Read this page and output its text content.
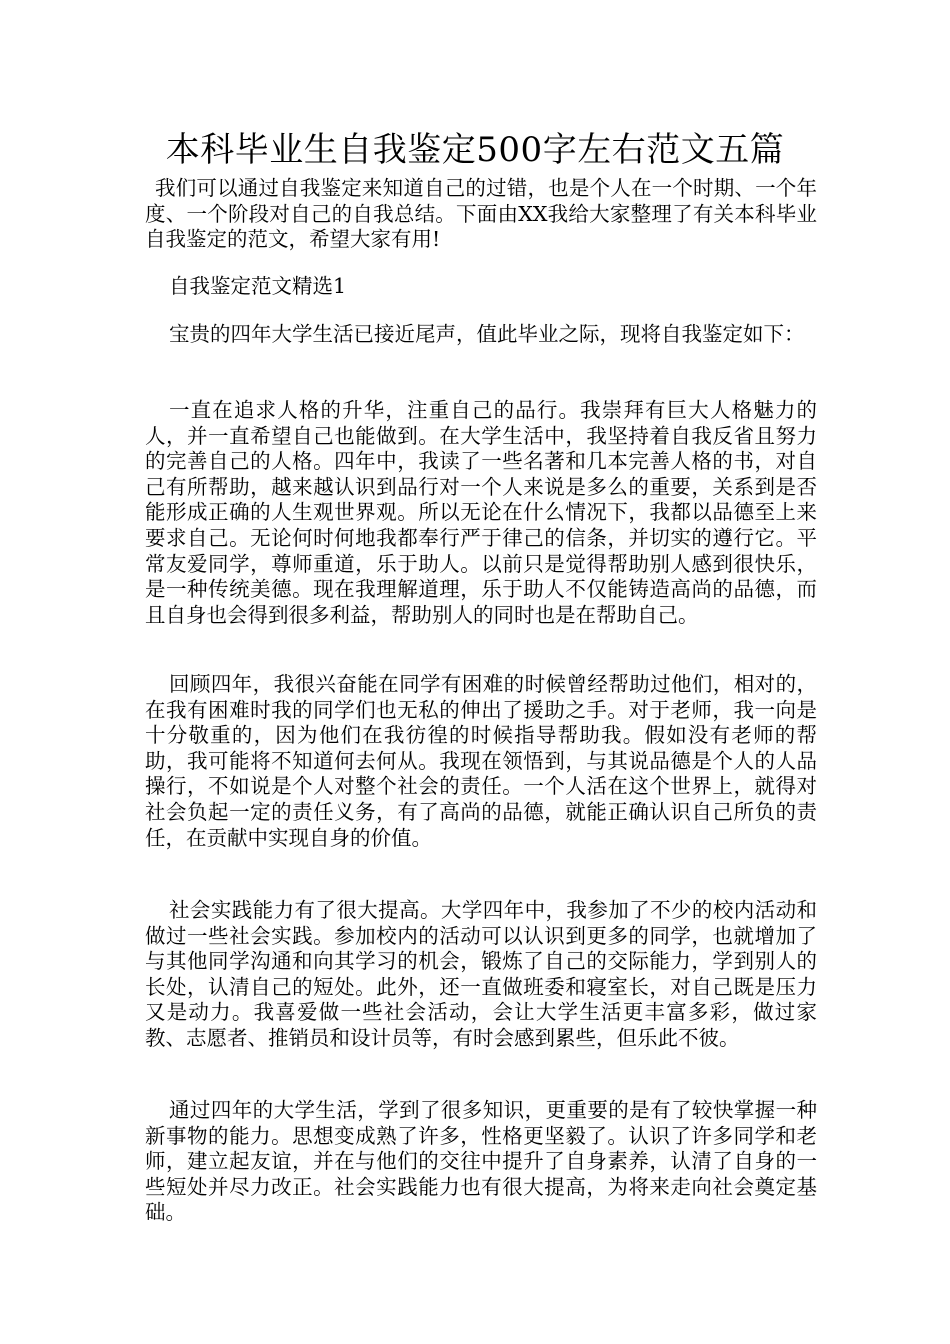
本科毕业生自我鉴定500字左右范文五篇

我们可以通过自我鉴定来知道自己的过错，也是个人在一个时期、一个年度、一个阶段对自己的自我总结。下面由XX我给大家整理了有关本科毕业自我鉴定的范文，希望大家有用!

自我鉴定范文精选1

宝贵的四年大学生活已接近尾声，值此毕业之际，现将自我鉴定如下：

一直在追求人格的升华，注重自己的品行。我崇拜有巨大人格魅力的人，并一直希望自己也能做到。在大学生活中，我坚持着自我反省且努力的完善自己的人格。四年中，我读了一些名著和几本完善人格的书，对自己有所帮助，越来越认识到品行对一个人来说是多么的重要，关系到是否能形成正确的人生观世界观。所以无论在什么情况下，我都以品德至上来要求自己。无论何时何地我都奉行严于律己的信条，并切实的遵行它。平常友爱同学，尊师重道，乐于助人。以前只是觉得帮助别人感到很快乐，是一种传统美德。现在我理解道理，乐于助人不仅能铸造高尚的品德，而且自身也会得到很多利益，帮助别人的同时也是在帮助自己。

回顾四年，我很兴奋能在同学有困难的时候曾经帮助过他们，相对的，在我有困难时我的同学们也无私的伸出了援助之手。对于老师，我一向是十分敬重的，因为他们在我彷徨的时候指导帮助我。假如没有老师的帮助，我可能将不知道何去何从。我现在领悟到，与其说品德是个人的人品操行，不如说是个人对整个社会的责任。一个人活在这个世界上，就得对社会负起一定的责任义务，有了高尚的品德，就能正确认识自己所负的责任，在贡献中实现自身的价值。

社会实践能力有了很大提高。大学四年中，我参加了不少的校内活动和做过一些社会实践。参加校内的活动可以认识到更多的同学，也就增加了与其他同学沟通和向其学习的机会，锻炼了自己的交际能力，学到别人的长处，认清自己的短处。此外，还一直做班委和寝室长，对自己既是压力又是动力。我喜爱做一些社会活动，会让大学生活更丰富多彩，做过家教、志愿者、推销员和设计员等，有时会感到累些，但乐此不彼。

通过四年的大学生活，学到了很多知识，更重要的是有了较快掌握一种新事物的能力。思想变成熟了许多，性格更坚毅了。认识了许多同学和老师，建立起友谊，并在与他们的交往中提升了自身素养，认清了自身的一些短处并尽力改正。社会实践能力也有很大提高，为将来走向社会奠定基础。
